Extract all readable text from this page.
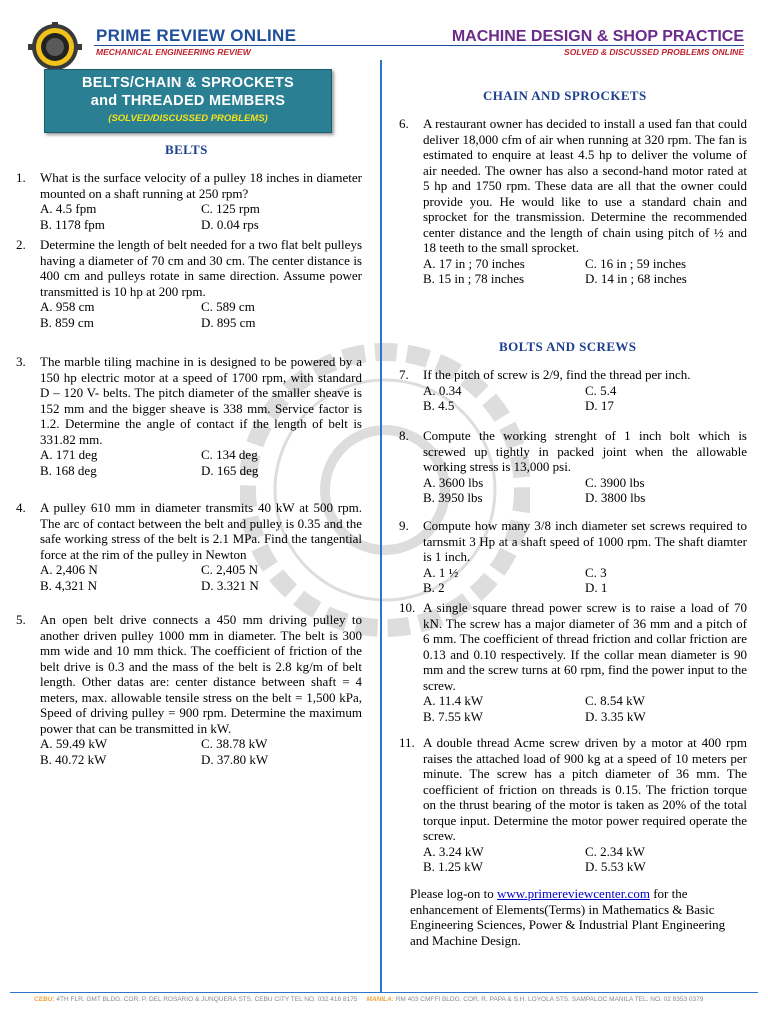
PRIME REVIEW ONLINE
MECHANICAL ENGINEERING REVIEW
MACHINE DESIGN & SHOP PRACTICE
SOLVED & DISCUSSED PROBLEMS ONLINE
BELTS/CHAIN & SPROCKETS
and THREADED MEMBERS
(SOLVED/DISCUSSED PROBLEMS)
BELTS
CHAIN AND SPROCKETS
BOLTS AND SCREWS
1. What is the surface velocity of a pulley 18 inches in diameter mounted on a shaft running at 250 rpm?
A. 4.5 fpm	C. 125 rpm
B. 1178 fpm	D. 0.04 rps
2. Determine the length of belt needed for a two flat belt pulleys having a diameter of 70 cm and 30 cm. The center distance is 400 cm and pulleys rotate in same direction. Assume power transmitted is 10 hp at 200 rpm.
A. 958 cm	C. 589 cm
B. 859 cm	D. 895 cm
3. The marble tiling machine in is designed to be powered by a 150 hp electric motor at a speed of 1700 rpm, with standard D – 120 V- belts. The pitch diameter of the smaller sheave is 152 mm and the bigger sheave is 338 mm. Service factor is 1.2. Determine the angle of contact if the length of belt is 331.82 mm.
A. 171 deg	C. 134 deg
B. 168 deg	D. 165 deg
4. A pulley 610 mm in diameter transmits 40 kW at 500 rpm. The arc of contact between the belt and pulley is 0.35 and the safe working stress of the belt is 2.1 MPa. Find the tangential force at the rim of the pulley in Newton
A. 2,406 N	C. 2,405 N
B. 4,321 N	D. 3.321 N
5. An open belt drive connects a 450 mm driving pulley to another driven pulley 1000 mm in diameter. The belt is 300 mm wide and 10 mm thick. The coefficient of friction of the belt drive is 0.3 and the mass of the belt is 2.8 kg/m of belt length. Other datas are: center distance between shaft = 4 meters, max. allowable tensile stress on the belt = 1,500 kPa, Speed of driving pulley = 900 rpm. Determine the maximum power that can be transmitted in kW.
A. 59.49 kW	C. 38.78 kW
B. 40.72 kW	D. 37.80 kW
6. A restaurant owner has decided to install a used fan that could deliver 18,000 cfm of air when running at 320 rpm. The fan is estimated to enquire at least 4.5 hp to deliver the volume of air needed. The owner has also a second-hand motor rated at 5 hp and 1750 rpm. These data are all that the owner could provide you. He would like to use a standard chain and sprocket for the transmission. Determine the recommended center distance and the length of chain using pitch of ½ and 18 teeth to the small sprocket.
A. 17 in ; 70 inches	C. 16 in ; 59 inches
B. 15 in ; 78 inches	D. 14 in ; 68 inches
7. If the pitch of screw is 2/9, find the thread per inch.
A. 0.34	C. 5.4
B. 4.5	D. 17
8. Compute the working strenght of 1 inch bolt which is screwed up tightly in packed joint when the allowable working stress is 13,000 psi.
A. 3600 lbs	C. 3900 lbs
B. 3950 lbs	D. 3800 lbs
9. Compute how many 3/8 inch diameter set screws required to tarnsmit 3 Hp at a shaft speed of 1000 rpm. The shaft diamter is 1 inch.
A. 1 ½	C. 3
B. 2	D. 1
10. A single square thread power screw is to raise a load of 70 kN. The screw has a major diameter of 36 mm and a pitch of 6 mm. The coefficient of thread friction and collar friction are 0.13 and 0.10 respectively. If the collar mean diameter is 90 mm and the screw turns at 60 rpm, find the power input to the screw.
A. 11.4 kW	C. 8.54 kW
B. 7.55 kW	D. 3.35 kW
11. A double thread Acme screw driven by a motor at 400 rpm raises the attached load of 900 kg at a speed of 10 meters per minute. The screw has a pitch diameter of 36 mm. The coefficient of friction on threads is 0.15. The friction torque on the thrust bearing of the motor is taken as 20% of the total torque input. Determine the motor power required operate the screw.
A. 3.24 kW	C. 2.34 kW
B. 1.25 kW	D. 5.53 kW
Please log-on to www.primereviewcenter.com for the enhancement of Elements(Terms) in Mathematics & Basic Engineering Sciences, Power & Industrial Plant Engineering and Machine Design.
CEBU: 4TH FLR. GMT BLDG. COR. P. DEL ROSARIO & JUNQUERA STS. CEBU CITY TEL NO. 032 416 8175 MANILA: RM 403 CMFFI BLDG. COR. R. PAPA & S.H. LOYOLA STS. SAMPALOC MANILA TEL. NO. 02 8353 0379
